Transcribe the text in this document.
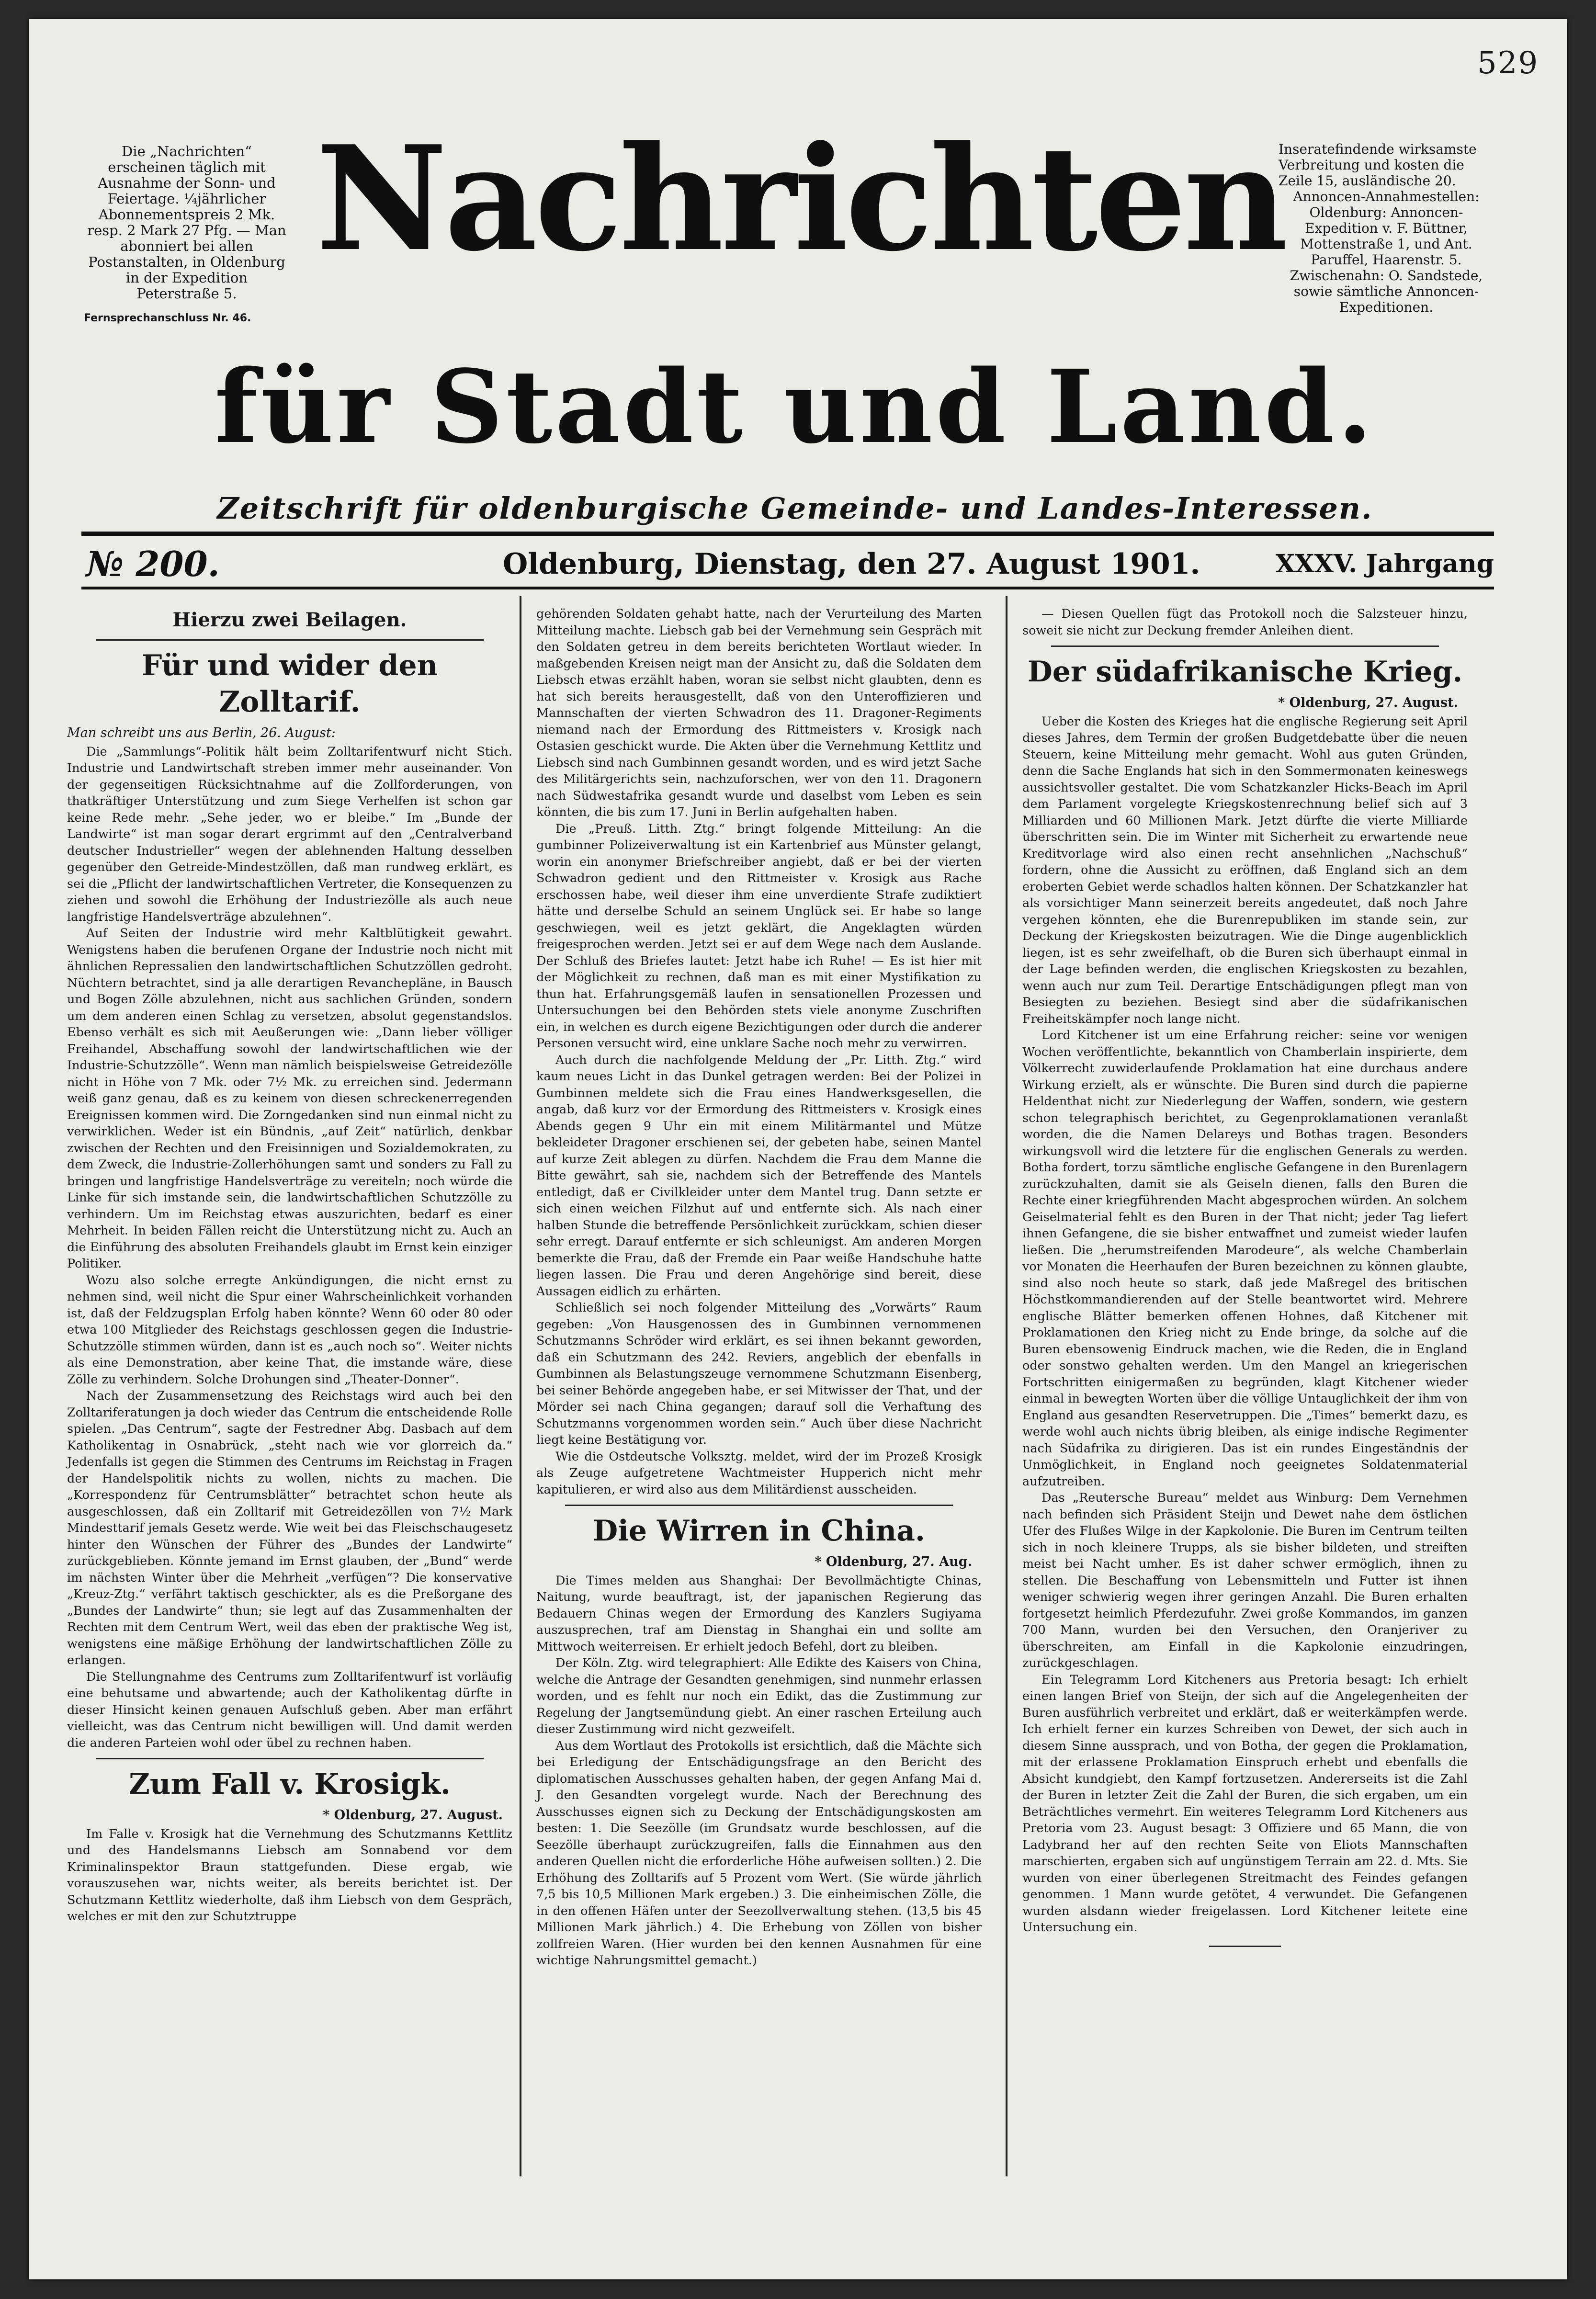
529
Die „Nachrichten“ erscheinen täglich mit Ausnahme der Sonn- und Feiertage. ¼jährlicher Abonnementspreis 2 Mk. resp. 2 Mark 27 Pfg. — Man abonniert bei allen Postanstalten, in Oldenburg in der Expedition Peterstraße 5.
Fernsprechanschluss Nr. 46.
Nachrichten
für Stadt und Land.
Inseratefindende wirksamste Verbreitung und kosten die Zeile 15, ausländische 20.
Annoncen-Annahmestellen:
Oldenburg: Annoncen-Expedition v. F. Büttner, Mottenstraße 1, und Ant. Paruffel, Haarenstr. 5. Zwischenahn: O. Sandstede, sowie sämtliche Annoncen-Expeditionen.
Zeitschrift für oldenburgische Gemeinde- und Landes-Interessen.
№ 200.	Oldenburg, Dienstag, den 27. August 1901.	XXXV. Jahrgang
Hierzu zwei Beilagen.
Für und wider den Zolltarif.

Man schreibt uns aus Berlin, 26. August:

Die „Sammlungs“-Politik hält beim Zolltarifentwurf nicht Stich. Industrie und Landwirtschaft streben immer mehr auseinander. Von der gegenseitigen Rücksichtnahme auf die Zollforderungen, von thatkräftiger Unterstützung und zum Siege Verhelfen ist schon gar keine Rede mehr. „Sehe jeder, wo er bleibe.“ Im „Bunde der Landwirte“ ist man sogar derart ergrimmt auf den „Centralverband deutscher Industrieller“ wegen der ablehnenden Haltung desselben gegenüber den Getreide-Mindestzöllen, daß man rundweg erklärt, es sei die „Pflicht der landwirtschaftlichen Vertreter, die Konsequenzen zu ziehen und sowohl die Erhöhung der Industriezölle als auch neue langfristige Handelsverträge abzulehnen“.

Auf Seiten der Industrie wird mehr Kaltblütigkeit gewahrt. Wenigstens haben die berufenen Organe der Industrie noch nicht mit ähnlichen Repressalien den landwirtschaftlichen Schutzzöllen gedroht. Nüchtern betrachtet, sind ja alle derartigen Revanchepläne, in Bausch und Bogen Zölle abzulehnen, nicht aus sachlichen Gründen, sondern um dem anderen einen Schlag zu versetzen, absolut gegenstandslos. Ebenso verhält es sich mit Aeußerungen wie: „Dann lieber völliger Freihandel, Abschaffung sowohl der landwirtschaftlichen wie der Industrie-Schutzzölle“. Wenn man nämlich beispielsweise Getreidezölle nicht in Höhe von 7 Mk. oder 7½ Mk. zu erreichen sind. Jedermann weiß ganz genau, daß es zu keinem von diesen schreckenerregenden Ereignissen kommen wird. Die Zorngedanken sind nun einmal nicht zu verwirklichen. Weder ist ein Bündnis, „auf Zeit“ natürlich, denkbar zwischen der Rechten und den Freisinnigen und Sozialdemokraten, zu dem Zweck, die Industrie-Zollerhöhungen samt und sonders zu Fall zu bringen und langfristige Handelsverträge zu vereiteln; noch würde die Linke für sich imstande sein, die landwirtschaftlichen Schutzzölle zu verhindern. Um im Reichstag etwas auszurichten, bedarf es einer Mehrheit. In beiden Fällen reicht die Unterstützung nicht zu. Auch an die Einführung des absoluten Freihandels glaubt im Ernst kein einziger Politiker.

Wozu also solche erregte Ankündigungen, die nicht ernst zu nehmen sind, weil nicht die Spur einer Wahrscheinlichkeit vorhanden ist, daß der Feldzugsplan Erfolg haben könnte? Wenn 60 oder 80 oder etwa 100 Mitglieder des Reichstags geschlossen gegen die Industrie-Schutzzölle stimmen würden, dann ist es „auch noch so“. Weiter nichts als eine Demonstration, aber keine That, die imstande wäre, diese Zölle zu verhindern. Solche Drohungen sind „Theater-Donner“.

Nach der Zusammensetzung des Reichstags wird auch bei den Zolltariferatungen ja doch wieder das Centrum die entscheidende Rolle spielen. „Das Centrum“, sagte der Festredner Abg. Dasbach auf dem Katholikentag in Osnabrück, „steht nach wie vor glorreich da.“ Jedenfalls ist gegen die Stimmen des Centrums im Reichstag in Fragen der Handelspolitik nichts zu wollen, nichts zu machen. Die „Korrespondenz für Centrumsblätter“ betrachtet schon heute als ausgeschlossen, daß ein Zolltarif mit Getreidezöllen von 7½ Mark Mindesttarif jemals Gesetz werde. Wie weit bei das Fleischschaugesetz hinter den Wünschen der Führer des „Bundes der Landwirte“ zurückgeblieben. Könnte jemand im Ernst glauben, der „Bund“ werde im nächsten Winter über die Mehrheit „verfügen“? Die konservative „Kreuz-Ztg.“ verfährt taktisch geschickter, als es die Preßorgane des „Bundes der Landwirte“ thun; sie legt auf das Zusammenhalten der Rechten mit dem Centrum Wert, weil das eben der praktische Weg ist, wenigstens eine mäßige Erhöhung der landwirtschaftlichen Zölle zu erlangen.

Die Stellungnahme des Centrums zum Zolltarifentwurf ist vorläufig eine behutsame und abwartende; auch der Katholikentag dürfte in dieser Hinsicht keinen genauen Aufschluß geben. Aber man erfährt vielleicht, was das Centrum nicht bewilligen will. Und damit werden die anderen Parteien wohl oder übel zu rechnen haben.

Zum Fall v. Krosigk.

* Oldenburg, 27. August.

Im Falle v. Krosigk hat die Vernehmung des Schutzmanns Kettlitz und des Handelsmanns Liebsch am Sonnabend vor dem Kriminalinspektor Braun stattgefunden. Diese ergab, wie vorauszusehen war, nichts weiter, als bereits berichtet ist. Der Schutzmann Kettlitz wiederholte, daß ihm Liebsch von dem Gespräch, welches er mit den zur Schutztruppe

gehörenden Soldaten gehabt hatte, nach der Verurteilung des Marten Mitteilung machte. Liebsch gab bei der Vernehmung sein Gespräch mit den Soldaten getreu in dem bereits berichteten Wortlaut wieder. In maßgebenden Kreisen neigt man der Ansicht zu, daß die Soldaten dem Liebsch etwas erzählt haben, woran sie selbst nicht glaubten, denn es hat sich bereits herausgestellt, daß von den Unteroffizieren und Mannschaften der vierten Schwadron des 11. Dragoner-Regiments niemand nach der Ermordung des Rittmeisters v. Krosigk nach Ostasien geschickt wurde. Die Akten über die Vernehmung Kettlitz und Liebsch sind nach Gumbinnen gesandt worden, und es wird jetzt Sache des Militärgerichts sein, nachzuforschen, wer von den 11. Dragonern nach Südwestafrika gesandt wurde und daselbst vom Leben es sein könnten, die bis zum 17. Juni in Berlin aufgehalten haben.

Die „Preuß. Litth. Ztg.“ bringt folgende Mitteilung: An die gumbinner Polizeiverwaltung ist ein Kartenbrief aus Münster gelangt, worin ein anonymer Briefschreiber angiebt, daß er bei der vierten Schwadron gedient und den Rittmeister v. Krosigk aus Rache erschossen habe, weil dieser ihm eine unverdiente Strafe zudiktiert hätte und derselbe Schuld an seinem Unglück sei. Er habe so lange geschwiegen, weil es jetzt geklärt, die Angeklagten würden freigesprochen werden. Jetzt sei er auf dem Wege nach dem Auslande. Der Schluß des Briefes lautet: Jetzt habe ich Ruhe! — Es ist hier mit der Möglichkeit zu rechnen, daß man es mit einer Mystifikation zu thun hat. Erfahrungsgemäß laufen in sensationellen Prozessen und Untersuchungen bei den Behörden stets viele anonyme Zuschriften ein, in welchen es durch eigene Bezichtigungen oder durch die anderer Personen versucht wird, eine unklare Sache noch mehr zu verwirren.

Auch durch die nachfolgende Meldung der „Pr. Litth. Ztg.“ wird kaum neues Licht in das Dunkel getragen werden: Bei der Polizei in Gumbinnen meldete sich die Frau eines Handwerksgesellen, die angab, daß kurz vor der Ermordung des Rittmeisters v. Krosigk eines Abends gegen 9 Uhr ein mit einem Militärmantel und Mütze bekleideter Dragoner erschienen sei, der gebeten habe, seinen Mantel auf kurze Zeit ablegen zu dürfen. Nachdem die Frau dem Manne die Bitte gewährt, sah sie, nachdem sich der Betreffende des Mantels entledigt, daß er Civilkleider unter dem Mantel trug. Dann setzte er sich einen weichen Filzhut auf und entfernte sich. Als nach einer halben Stunde die betreffende Persönlichkeit zurückkam, schien dieser sehr erregt. Darauf entfernte er sich schleunigst. Am anderen Morgen bemerkte die Frau, daß der Fremde ein Paar weiße Handschuhe hatte liegen lassen. Die Frau und deren Angehörige sind bereit, diese Aussagen eidlich zu erhärten.

Schließlich sei noch folgender Mitteilung des „Vorwärts“ Raum gegeben: „Von Hausgenossen des in Gumbinnen vernommenen Schutzmanns Schröder wird erklärt, es sei ihnen bekannt geworden, daß ein Schutzmann des 242. Reviers, angeblich der ebenfalls in Gumbinnen als Belastungszeuge vernommene Schutzmann Eisenberg, bei seiner Behörde angegeben habe, er sei Mitwisser der That, und der Mörder sei nach China gegangen; darauf soll die Verhaftung des Schutzmanns vorgenommen worden sein.“ Auch über diese Nachricht liegt keine Bestätigung vor.

Wie die Ostdeutsche Volksztg. meldet, wird der im Prozeß Krosigk als Zeuge aufgetretene Wachtmeister Hupperich nicht mehr kapitulieren, er wird also aus dem Militärdienst ausscheiden.

Die Wirren in China.

* Oldenburg, 27. Aug.

Die Times melden aus Shanghai: Der Bevollmächtigte Chinas, Naitung, wurde beauftragt, ist, der japanischen Regierung das Bedauern Chinas wegen der Ermordung des Kanzlers Sugiyama auszusprechen, traf am Dienstag in Shanghai ein und sollte am Mittwoch weiterreisen. Er erhielt jedoch Befehl, dort zu bleiben.

Der Köln. Ztg. wird telegraphiert: Alle Edikte des Kaisers von China, welche die Antrage der Gesandten genehmigen, sind nunmehr erlassen worden, und es fehlt nur noch ein Edikt, das die Zustimmung zur Regelung der Jangtsemündung giebt. An einer raschen Erteilung auch dieser Zustimmung wird nicht gezweifelt.

Aus dem Wortlaut des Protokolls ist ersichtlich, daß die Mächte sich bei Erledigung der Entschädigungsfrage an den Bericht des diplomatischen Ausschusses gehalten haben, der gegen Anfang Mai d. J. den Gesandten vorgelegt wurde. Nach der Berechnung des Ausschusses eignen sich zu Deckung der Entschädigungskosten am besten: 1. Die Seezölle (im Grundsatz wurde beschlossen, auf die Seezölle überhaupt zurückzugreifen, falls die Einnahmen aus den anderen Quellen nicht die erforderliche Höhe aufweisen sollten.) 2. Die Erhöhung des Zolltarifs auf 5 Prozent vom Wert. (Sie würde jährlich 7,5 bis 10,5 Millionen Mark ergeben.) 3. Die einheimischen Zölle, die in den offenen Häfen unter der Seezollverwaltung stehen. (13,5 bis 45 Millionen Mark jährlich.) 4. Die Erhebung von Zöllen von bisher zollfreien Waren. (Hier wurden bei den kennen Ausnahmen für eine wichtige Nahrungsmittel gemacht.)

— Diesen Quellen fügt das Protokoll noch die Salzsteuer hinzu, soweit sie nicht zur Deckung fremder Anleihen dient.

Der südafrikanische Krieg.

* Oldenburg, 27. August.

Ueber die Kosten des Krieges hat die englische Regierung seit April dieses Jahres, dem Termin der großen Budgetdebatte über die neuen Steuern, keine Mitteilung mehr gemacht. Wohl aus guten Gründen, denn die Sache Englands hat sich in den Sommermonaten keineswegs aussichtsvoller gestaltet. Die vom Schatzkanzler Hicks-Beach im April dem Parlament vorgelegte Kriegskostenrechnung belief sich auf 3 Milliarden und 60 Millionen Mark. Jetzt dürfte die vierte Milliarde überschritten sein. Die im Winter mit Sicherheit zu erwartende neue Kreditvorlage wird also einen recht ansehnlichen „Nachschuß“ fordern, ohne die Aussicht zu eröffnen, daß England sich an dem eroberten Gebiet werde schadlos halten können. Der Schatzkanzler hat als vorsichtiger Mann seinerzeit bereits angedeutet, daß noch Jahre vergehen könnten, ehe die Burenrepubliken im stande sein, zur Deckung der Kriegskosten beizutragen. Wie die Dinge augenblicklich liegen, ist es sehr zweifelhaft, ob die Buren sich überhaupt einmal in der Lage befinden werden, die englischen Kriegskosten zu bezahlen, wenn auch nur zum Teil. Derartige Entschädigungen pflegt man von Besiegten zu beziehen. Besiegt sind aber die südafrikanischen Freiheitskämpfer noch lange nicht.

Lord Kitchener ist um eine Erfahrung reicher: seine vor wenigen Wochen veröffentlichte, bekanntlich von Chamberlain inspirierte, dem Völkerrecht zuwiderlaufende Proklamation hat eine durchaus andere Wirkung erzielt, als er wünschte. Die Buren sind durch die papierne Heldenthat nicht zur Niederlegung der Waffen, sondern, wie gestern schon telegraphisch berichtet, zu Gegenproklamationen veranlaßt worden, die die Namen Delareys und Bothas tragen. Besonders wirkungsvoll wird die letztere für die englischen Generals zu werden. Botha fordert, torzu sämtliche englische Gefangene in den Burenlagern zurückzuhalten, damit sie als Geiseln dienen, falls den Buren die Rechte einer kriegführenden Macht abgesprochen würden. An solchem Geiselmaterial fehlt es den Buren in der That nicht; jeder Tag liefert ihnen Gefangene, die sie bisher entwaffnet und zumeist wieder laufen ließen. Die „herumstreifenden Marodeure“, als welche Chamberlain vor Monaten die Heerhaufen der Buren bezeichnen zu können glaubte, sind also noch heute so stark, daß jede Maßregel des britischen Höchstkommandierenden auf der Stelle beantwortet wird. Mehrere englische Blätter bemerken offenen Hohnes, daß Kitchener mit Proklamationen den Krieg nicht zu Ende bringe, da solche auf die Buren ebensowenig Eindruck machen, wie die Reden, die in England oder sonstwo gehalten werden. Um den Mangel an kriegerischen Fortschritten einigermaßen zu begründen, klagt Kitchener wieder einmal in bewegten Worten über die völlige Untauglichkeit der ihm von England aus gesandten Reservetruppen. Die „Times“ bemerkt dazu, es werde wohl auch nichts übrig bleiben, als einige indische Regimenter nach Südafrika zu dirigieren. Das ist ein rundes Eingeständnis der Unmöglichkeit, in England noch geeignetes Soldatenmaterial aufzutreiben.

Das „Reutersche Bureau“ meldet aus Winburg: Dem Vernehmen nach befinden sich Präsident Steijn und Dewet nahe dem östlichen Ufer des Flußes Wilge in der Kapkolonie. Die Buren im Centrum teilten sich in noch kleinere Trupps, als sie bisher bildeten, und streiften meist bei Nacht umher. Es ist daher schwer ermöglich, ihnen zu stellen. Die Beschaffung von Lebensmitteln und Futter ist ihnen weniger schwierig wegen ihrer geringen Anzahl. Die Buren erhalten fortgesetzt heimlich Pferdezufuhr. Zwei große Kommandos, im ganzen 700 Mann, wurden bei den Versuchen, den Oranjeriver zu überschreiten, am Einfall in die Kapkolonie einzudringen, zurückgeschlagen.

Ein Telegramm Lord Kitcheners aus Pretoria besagt: Ich erhielt einen langen Brief von Steijn, der sich auf die Angelegenheiten der Buren ausführlich verbreitet und erklärt, daß er weiterkämpfen werde. Ich erhielt ferner ein kurzes Schreiben von Dewet, der sich auch in diesem Sinne aussprach, und von Botha, der gegen die Proklamation, mit der erlassene Proklamation Einspruch erhebt und ebenfalls die Absicht kundgiebt, den Kampf fortzusetzen. Andererseits ist die Zahl der Buren in letzter Zeit die Zahl der Buren, die sich ergaben, um ein Beträchtliches vermehrt. Ein weiteres Telegramm Lord Kitcheners aus Pretoria vom 23. August besagt: 3 Offiziere und 65 Mann, die von Ladybrand her auf den rechten Seite von Eliots Mannschaften marschierten, ergaben sich auf ungünstigem Terrain am 22. d. Mts. Sie wurden von einer überlegenen Streitmacht des Feindes gefangen genommen. 1 Mann wurde getötet, 4 verwundet. Die Gefangenen wurden alsdann wieder freigelassen. Lord Kitchener leitete eine Untersuchung ein.
